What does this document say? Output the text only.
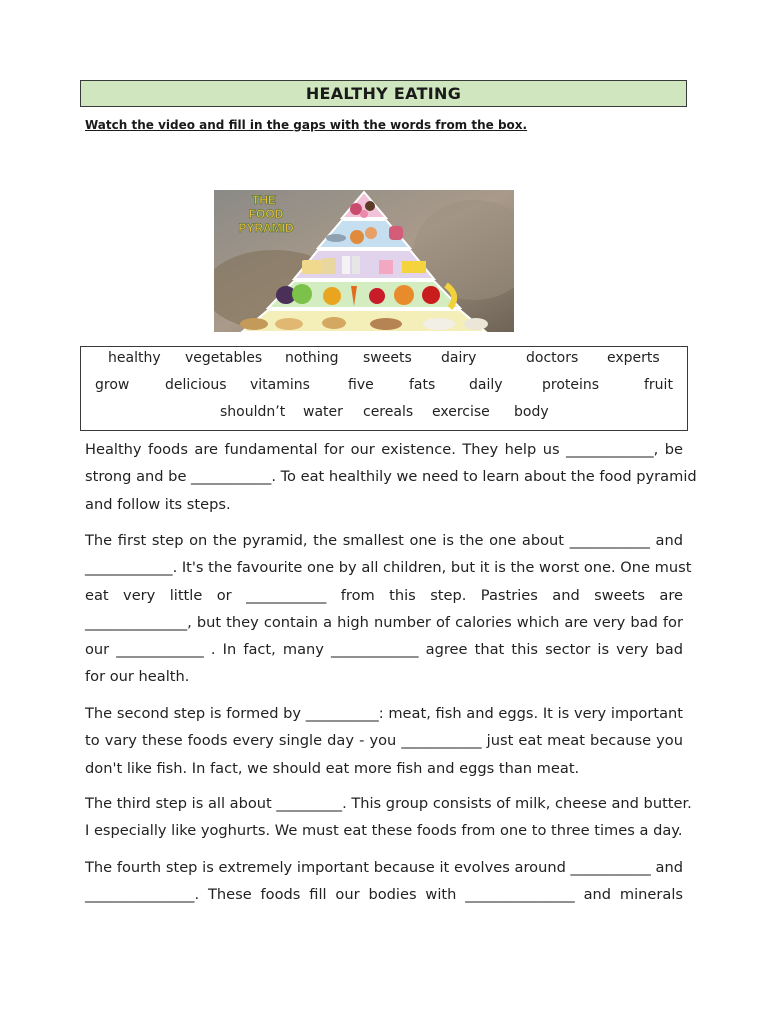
HEALTHY EATING
Watch the video and fill in the gaps with the words from the box.
THE
FOOD
PYRAMID
healthy vegetables nothing sweets dairy	doctors experts
grow	delicious vitamins	five	fats daily	proteins	fruit
shouldn’t water cereals exercise body
Healthy foods are fundamental for our existence. They help us ____________, be
strong and be ___________. To eat healthily we need to learn about the food pyramid
and follow its steps.
The first step on the pyramid, the smallest one is the one about ___________ and
____________. It's the favourite one by all children, but it is the worst one. One must
eat very little or ___________ from this step. Pastries and sweets are
______________, but they contain a high number of calories which are very bad for
our ____________ . In fact, many ____________ agree that this sector is very bad
for our health.
The second step is formed by __________: meat, fish and eggs. It is very important
to vary these foods every single day - you ___________ just eat meat because you
don't like fish. In fact, we should eat more fish and eggs than meat.
The third step is all about _________. This group consists of milk, cheese and butter.
I especially like yoghurts. We must eat these foods from one to three times a day.
The fourth step is extremely important because it evolves around ___________ and
_______________. These foods fill our bodies with _______________ and minerals
